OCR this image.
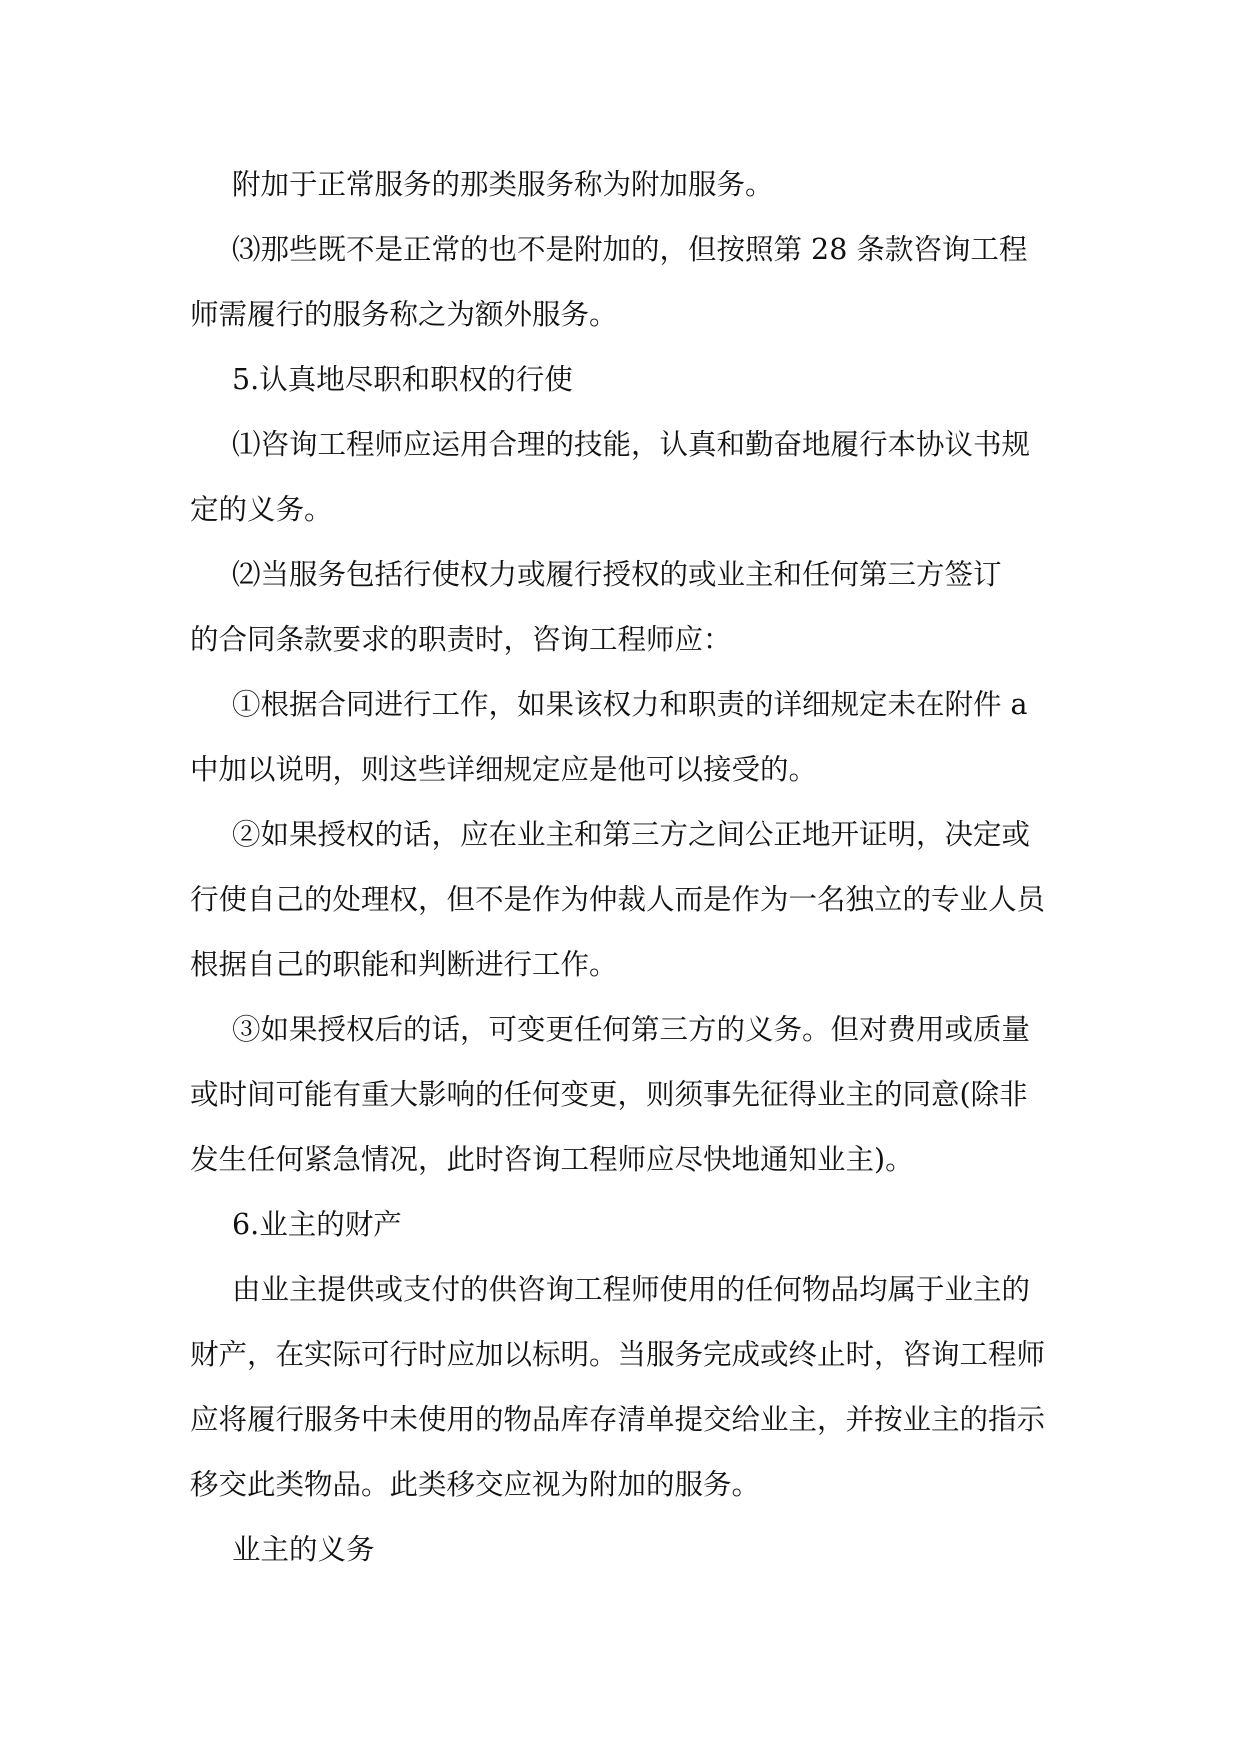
附加于正常服务的那类服务称为附加服务。
⑶那些既不是正常的也不是附加的，但按照第 28 条款咨询工程
师需履行的服务称之为额外服务。
5.认真地尽职和职权的行使
⑴咨询工程师应运用合理的技能，认真和勤奋地履行本协议书规
定的义务。
⑵当服务包括行使权力或履行授权的或业主和任何第三方签订
的合同条款要求的职责时，咨询工程师应：
①根据合同进行工作，如果该权力和职责的详细规定未在附件 a
中加以说明，则这些详细规定应是他可以接受的。
②如果授权的话，应在业主和第三方之间公正地开证明，决定或
行使自己的处理权，但不是作为仲裁人而是作为一名独立的专业人员
根据自己的职能和判断进行工作。
③如果授权后的话，可变更任何第三方的义务。但对费用或质量
或时间可能有重大影响的任何变更，则须事先征得业主的同意(除非
发生任何紧急情况，此时咨询工程师应尽快地通知业主)。
6.业主的财产
由业主提供或支付的供咨询工程师使用的任何物品均属于业主的
财产，在实际可行时应加以标明。当服务完成或终止时，咨询工程师
应将履行服务中未使用的物品库存清单提交给业主，并按业主的指示
移交此类物品。此类移交应视为附加的服务。
业主的义务
